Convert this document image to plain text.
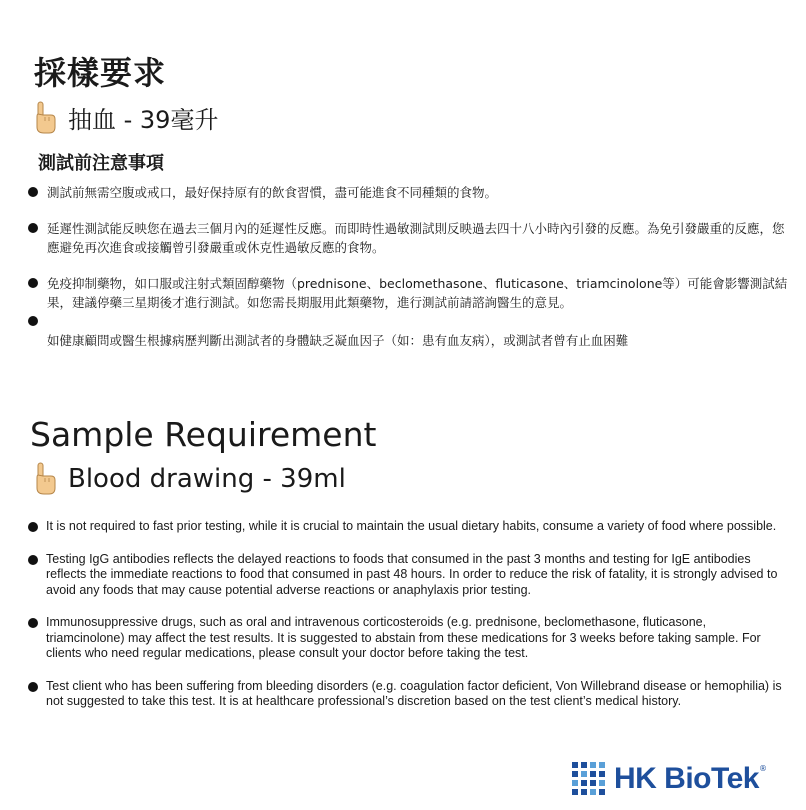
採樣要求
抽血 - 39毫升
測試前注意事項
測試前無需空腹或戒口，最好保持原有的飲食習慣，盡可能進食不同種類的食物。
延遲性測試能反映您在過去三個月內的延遲性反應。而即時性過敏測試則反映過去四十八小時內引發的反應。為免引發嚴重的反應，您應避免再次進食或接觸曾引發嚴重或休克性過敏反應的食物。
免疫抑制藥物，如口服或注射式類固醇藥物（prednisone、beclomethasone、fluticasone、triamcinolone等）可能會影響測試結果，建議停藥三星期後才進行測試。如您需長期服用此類藥物，進行測試前請諮詢醫生的意見。
如健康顧問或醫生根據病歷判斷出測試者的身體缺乏凝血因子（如：患有血友病），或測試者曾有止血困難
Sample Requirement
Blood drawing - 39ml
It is not required to fast prior testing, while it is crucial to maintain the usual dietary habits, consume a variety of food where possible.
Testing IgG antibodies reflects the delayed reactions to foods that consumed in the past 3 months and testing for IgE antibodies reflects the immediate reactions to food that consumed in past 48 hours. In order to reduce the risk of fatality, it is strongly advised to avoid any foods that may cause potential adverse reactions or anaphylaxis prior testing.
Immunosuppressive drugs, such as oral and intravenous corticosteroids (e.g. prednisone, beclomethasone, fluticasone, triamcinolone) may affect the test results. It is suggested to abstain from these medications for 3 weeks before taking sample. For clients who need regular medications, please consult your doctor before taking the test.
Test client who has been suffering from bleeding disorders (e.g. coagulation factor deficient, Von Willebrand disease or hemophilia) is not suggested to take this test. It is at healthcare professional’s discretion based on the test client’s medical history.
HK BioTek ®
